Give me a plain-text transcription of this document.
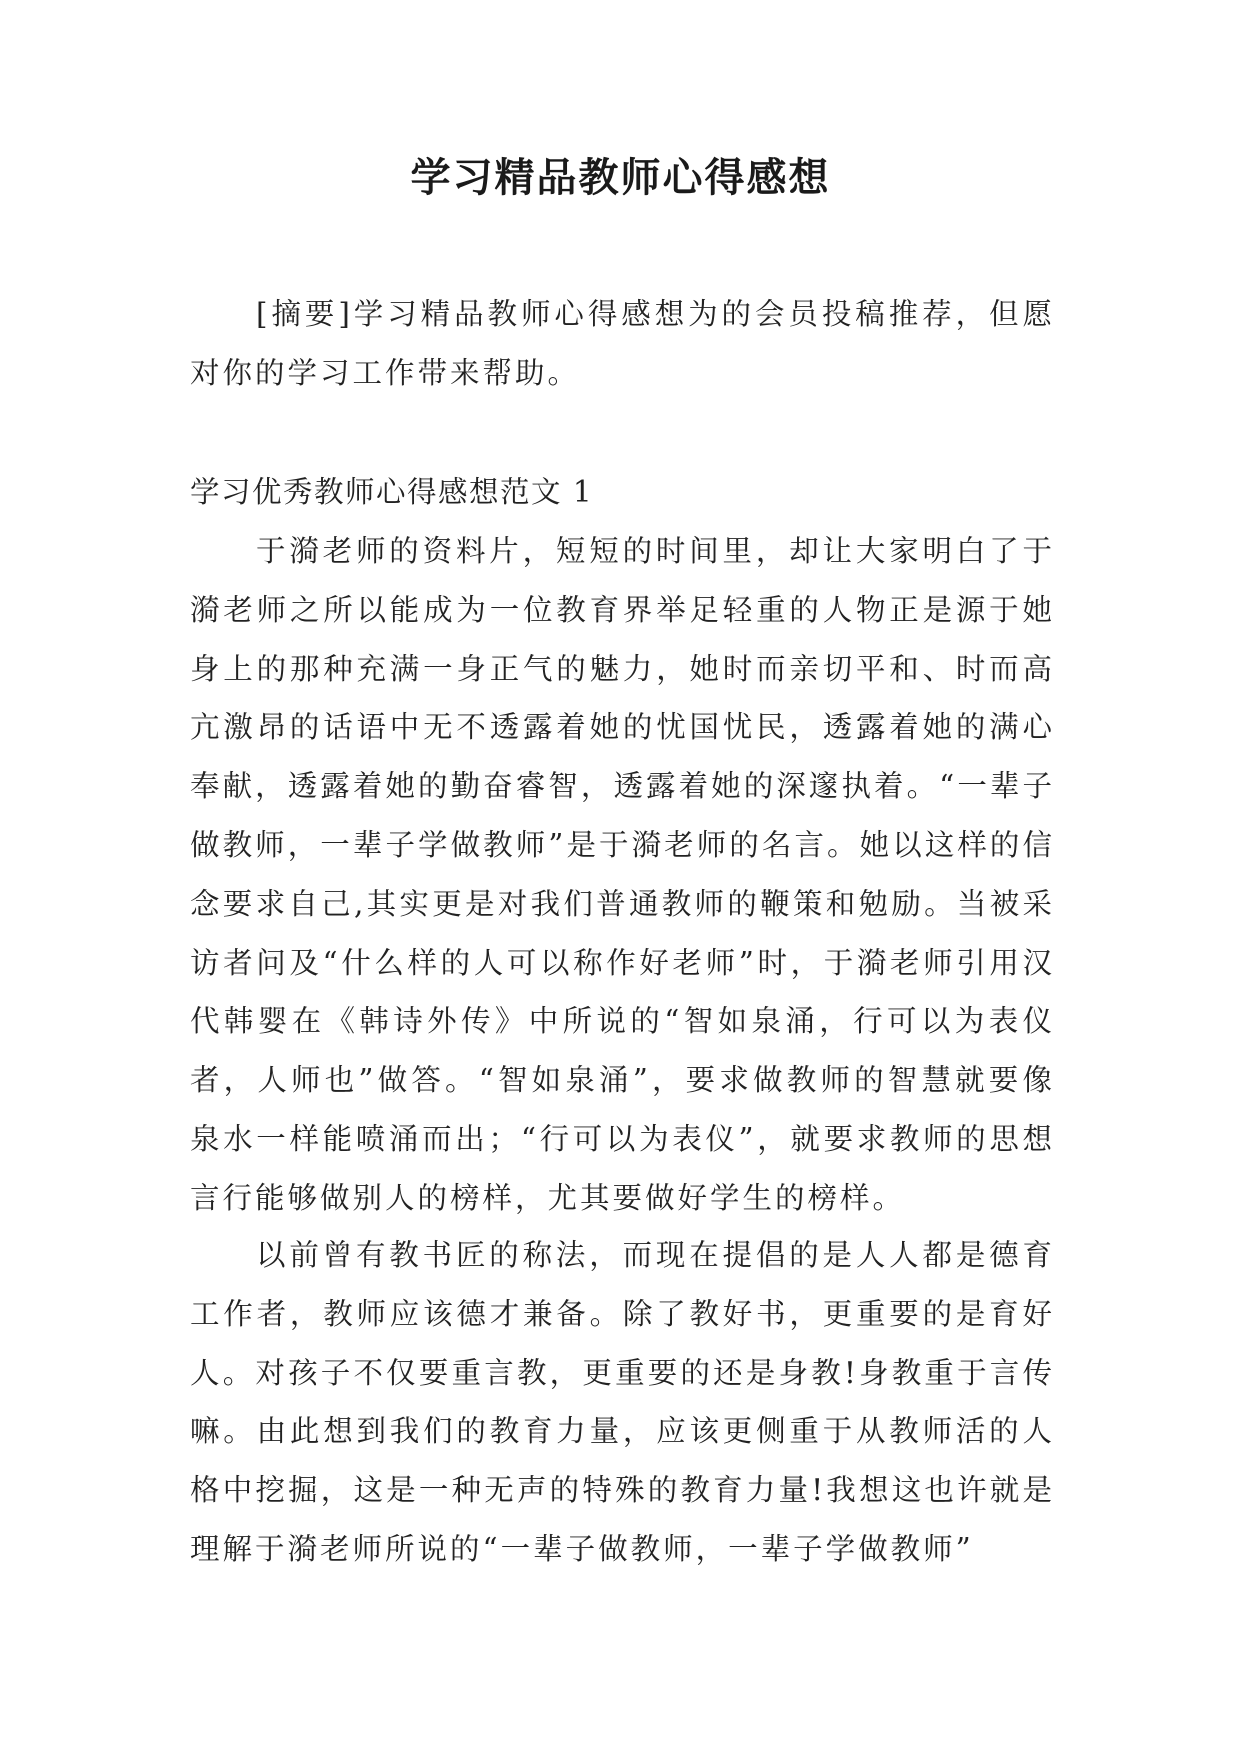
学习精品教师心得感想

[摘要]学习精品教师心得感想为的会员投稿推荐，但愿对你的学习工作带来帮助。

学习优秀教师心得感想范文 1

于漪老师的资料片，短短的时间里，却让大家明白了于漪老师之所以能成为一位教育界举足轻重的人物正是源于她身上的那种充满一身正气的魅力，她时而亲切平和、时而高亢激昂的话语中无不透露着她的忧国忧民，透露着她的满心奉献，透露着她的勤奋睿智，透露着她的深邃执着。“一辈子做教师，一辈子学做教师”是于漪老师的名言。她以这样的信念要求自己,其实更是对我们普通教师的鞭策和勉励。当被采访者问及“什么样的人可以称作好老师”时，于漪老师引用汉代韩婴在《韩诗外传》中所说的“智如泉涌，行可以为表仪者，人师也”做答。“智如泉涌”，要求做教师的智慧就要像泉水一样能喷涌而出；“行可以为表仪”，就要求教师的思想言行能够做别人的榜样，尤其要做好学生的榜样。

以前曾有教书匠的称法，而现在提倡的是人人都是德育工作者，教师应该德才兼备。除了教好书，更重要的是育好人。对孩子不仅要重言教，更重要的还是身教!身教重于言传嘛。由此想到我们的教育力量，应该更侧重于从教师活的人格中挖掘，这是一种无声的特殊的教育力量!我想这也许就是理解于漪老师所说的“一辈子做教师，一辈子学做教师”
